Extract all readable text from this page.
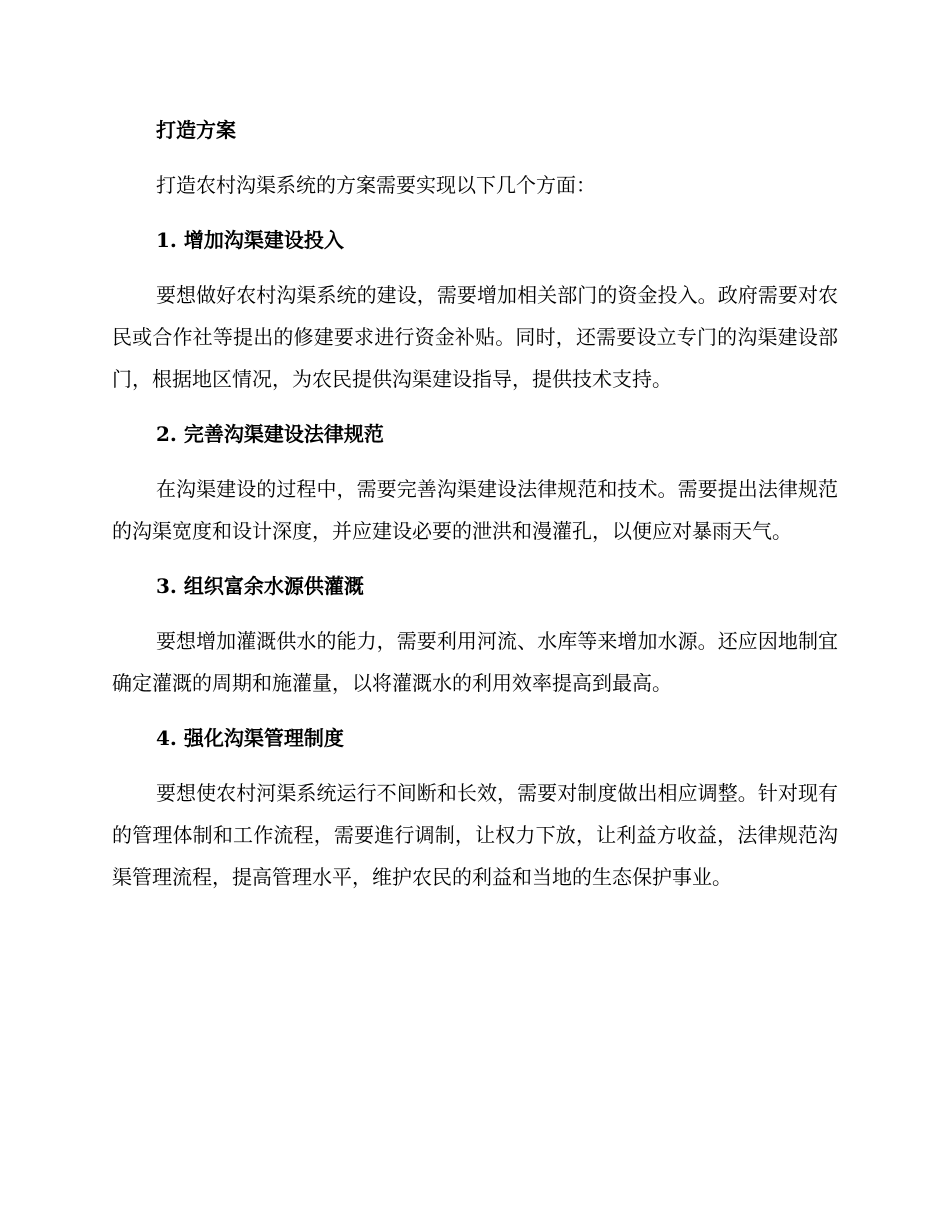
打造方案

打造农村沟渠系统的方案需要实现以下几个方面：

1. 增加沟渠建设投入

要想做好农村沟渠系统的建设，需要增加相关部门的资金投入。政府需要对农民或合作社等提出的修建要求进行资金补贴。同时，还需要设立专门的沟渠建设部门，根据地区情况，为农民提供沟渠建设指导，提供技术支持。

2. 完善沟渠建设法律规范

在沟渠建设的过程中，需要完善沟渠建设法律规范和技术。需要提出法律规范的沟渠宽度和设计深度，并应建设必要的泄洪和漫灌孔，以便应对暴雨天气。

3. 组织富余水源供灌溉

要想增加灌溉供水的能力，需要利用河流、水库等来增加水源。还应因地制宜确定灌溉的周期和施灌量，以将灌溉水的利用效率提高到最高。

4. 强化沟渠管理制度

要想使农村河渠系统运行不间断和长效，需要对制度做出相应调整。针对现有的管理体制和工作流程，需要進行调制，让权力下放，让利益方收益，法律规范沟渠管理流程，提高管理水平，维护农民的利益和当地的生态保护事业。
